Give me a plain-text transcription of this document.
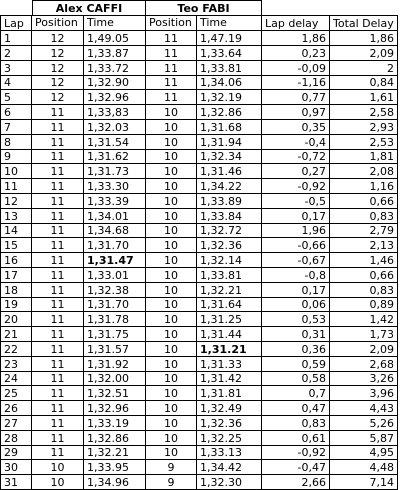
Alex CAFFI	Teo FABI
Lap	Position Time	Position Time	Lap delay	Total Delay
1	12	1,49.05	11	1,47.19	1,86	1,86
2	12	1,33.87	11	1,33.64	0,23	2,09
3	12	1,33.72	11	1,33.81	-0,09	2
4	12	1,32.90	11	1,34.06	-1,16	0,84
5	12	1,32.96	11	1,32.19	0,77	1,61
6	11	1,33,83	10	1,32.86	0,97	2,58
7	11	1,32.03	10	1,31.68	0,35	2,93
8	11	1,31.54	10	1,31.94	-0,4	2,53
9	11	1,31.62	10	1,32.34	-0,72	1,81
10	11	1,31.73	10	1,31.46	0,27	2,08
11	11	1,33.30	10	1,34.22	-0,92	1,16
12	11	1,33.39	10	1,33.89	-0,5	0,66
13	11	1,34.01	10	1,33.84	0,17	0,83
14	11	1,34.68	10	1,32.72	1,96	2,79
15	11	1,31.70	10	1,32.36	-0,66	2,13
16	11	1,31.47	10	1,32.14	-0,67	1,46
17	11	1,33.01	10	1,33.81	-0,8	0,66
18	11	1,32.38	10	1,32.21	0,17	0,83
19	11	1,31.70	10	1,31.64	0,06	0,89
20	11	1,31.78	10	1,31.25	0,53	1,42
21	11	1,31.75	10	1,31.44	0,31	1,73
22	11	1,31.57	10	1,31.21	0,36	2,09
23	11	1,31.92	10	1,31.33	0,59	2,68
24	11	1,32.00	10	1,31.42	0,58	3,26
25	11	1,32.51	10	1,31.81	0,7	3,96
26	11	1,32.96	10	1,32.49	0,47	4,43
27	11	1,33.19	10	1,32.36	0,83	5,26
28	11	1,32.86	10	1,32.25	0,61	5,87
29	11	1,32.21	10	1,33.13	-0,92	4,95
30	10	1,33.95	9	1,34.42	-0,47	4,48
31	10	1,34.96	9	1,32.30	2,66	7,14
